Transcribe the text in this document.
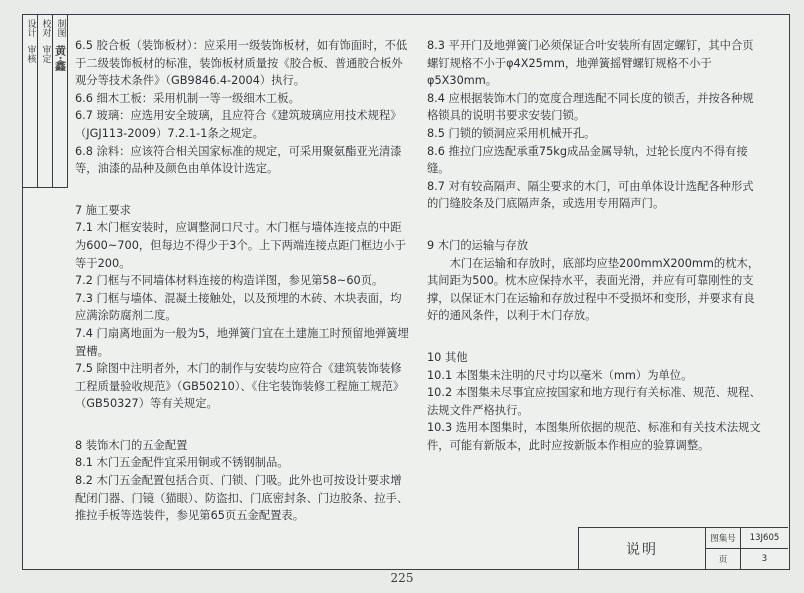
设计
审核
校对
审定
制图
黄·鑫 6.5 胶合板（装饰板材）：应采用一级装饰板材，如有饰面时，不低于二级装饰板材的标准，装饰板材质量按《胶合板、普通胶合板外观分等技术条件》（GB9846.4-2004）执行。

6.6 细木工板：采用机制一等一级细木工板。

6.7 玻璃：应选用安全玻璃，且应符合《建筑玻璃应用技术规程》（JGJ113-2009）7.2.1-1条之规定。

6.8 涂料：应该符合相关国家标准的规定，可采用聚氨酯亚光清漆等，油漆的品种及颜色由单体设计选定。

7 施工要求

7.1 木门框安装时，应调整洞口尺寸。木门框与墙体连接点的中距为600~700，但每边不得少于3个。上下两端连接点距门框边小于等于200。

7.2 门框与不同墙体材料连接的构造详图，参见第58~60页。

7.3 门框与墙体、混凝土接触处，以及预埋的木砖、木块表面，均应满涂防腐剂二度。

7.4 门扇离地面为一般为5，地弹簧门宜在土建施工时预留地弹簧埋置槽。

7.5 除图中注明者外，木门的制作与安装均应符合《建筑装饰装修工程质量验收规范》（GB50210）、《住宅装饰装修工程施工规范》（GB50327）等有关规定。

8 装饰木门的五金配置

8.1 木门五金配件宜采用铜或不锈钢制品。

8.2 木门五金配置包括合页、门锁、门吸。此外也可按设计要求增配闭门器、门镜（猫眼）、防盗扣、门底密封条、门边胶条、拉手、推拉手板等选装件，参见第65页五金配置表。

8.3 平开门及地弹簧门必须保证合叶安装所有固定螺钉，其中合页螺钉规格不小于φ4X25mm，地弹簧摇臂螺钉规格不小于φ5X30mm。

8.4 应根据装饰木门的宽度合理选配不同长度的锁舌，并按各种规格锁具的说明书要求安装门锁。

8.5 门锁的锁洞应采用机械开孔。

8.6 推拉门应选配承重75kg成品金属导轨，过轮长度内不得有接缝。

8.7 对有较高隔声、隔尘要求的木门，可由单体设计选配各种形式的门缝胶条及门底隔声条，或选用专用隔声门。

9 木门的运输与存放

木门在运输和存放时，底部均应垫200mmX200mm的枕木，其间距为500。枕木应保持水平，表面光滑，并应有可靠刚性的支撑，以保证木门在运输和存放过程中不受损坏和变形，并要求有良好的通风条件，以利于木门存放。

10 其他

10.1 本图集未注明的尺寸均以毫米（mm）为单位。

10.2 本图集未尽事宜应按国家和地方现行有关标准、规范、规程、法规文件严格执行。

10.3 选用本图集时，本图集所依据的规范、标准和有关技术法规文件，可能有新版本，此时应按新版本作相应的验算调整。

说明
图集号	13J605
页	3
225
